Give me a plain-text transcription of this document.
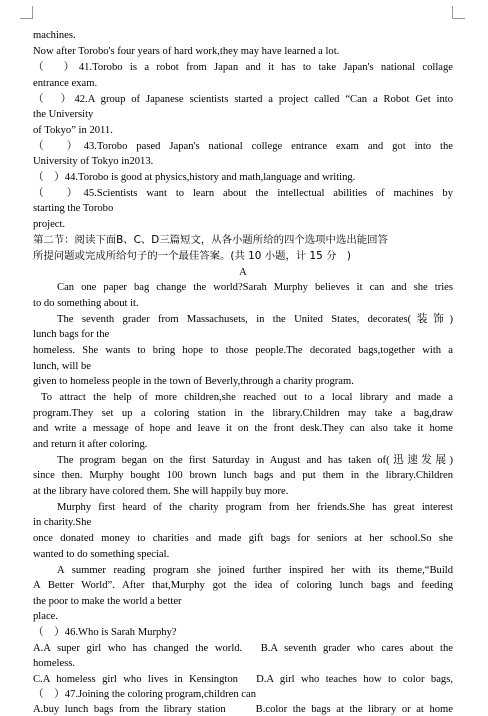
machines.
Now after Torobo's four years of hard work,they may have learned a lot.
（　）41.Torobo is a robot from Japan and it has to take Japan's national collage
entrance exam.
（　）42.A group of Japanese scientists started a project called “Can a Robot Get into
the University
of Tokyo” in 2011.
（　）43.Torobo pased Japan's national college entrance exam and got into the
University of Tokyo in2013.
（　）44.Torobo is good at physics,history and math,language and writing.
（　）45.Scientists want to learn about the intellectual abilities of machines by
starting the Torobo
project.
第二节：阅读下面B、C、D三篇短文，从各小题所给的四个选项中选出能回答
所提问题或完成所给句子的一个最佳答案。(共 10 小题，计 15 分　)
A
Can one paper bag change the world?Sarah Murphy believes it can and she tries
to do something about it.
The seventh grader from Massachusets, in the United States, decorates(装饰)
lunch bags for the
homeless. She wants to bring hope to those people.The decorated bags,together with a
lunch, will be
given to homeless people in the town of Beverly,through a charity program.
To attract the help of more children,she reached out to a local library and made a
program.They set up a coloring station in the library.Children may take a bag,draw
and write a message of hope and leave it on the front desk.They can also take it home
and return it after coloring.
The program began on the first Saturday in August and has taken of(迅速发展)
since then. Murphy bought 100 brown lunch bags and put them in the library.Children
at the library have colored them. She will happily buy more.
Murphy first heard of the charity program from her friends.She has great interest
in charity.She
once donated money to charities and made gift bags for seniors at her school.So she
wanted to do something special.
A summer reading program she joined further inspired her with its theme,“Build
A Better World”. After that,Murphy got the idea of coloring lunch bags and feeding
the poor to make the world a better
place.
（　）46.Who is Sarah Murphy?
A.A super girl who has changed the world.　B.A seventh grader who cares about the
homeless.
C.A homeless girl who lives in Kensington　D.A girl who teaches how to color bags,
（　）47.Joining the coloring program,children can
A.buy lunch bags from the library station　　B.color the bags at the library or at home
